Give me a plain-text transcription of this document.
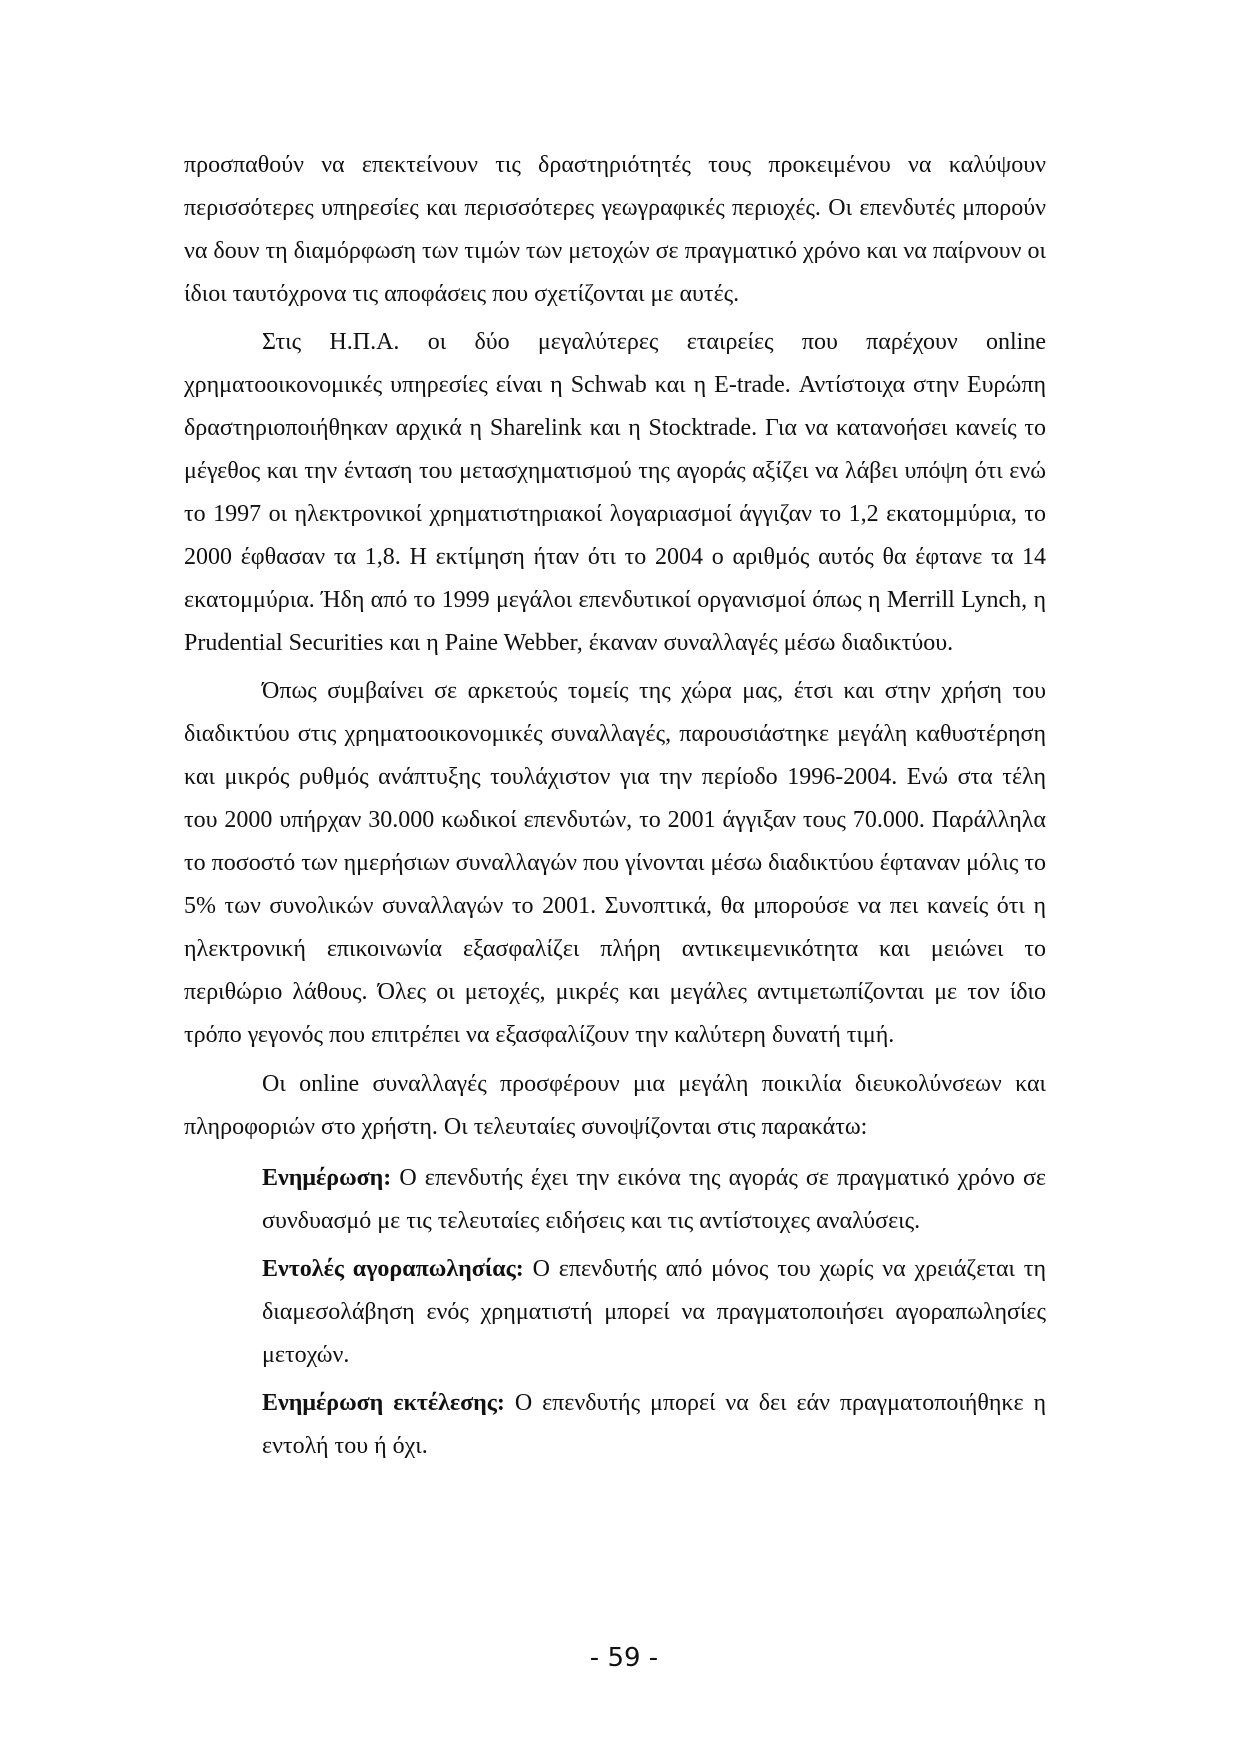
προσπαθούν να επεκτείνουν τις δραστηριότητές τους προκειμένου να καλύψουν περισσότερες υπηρεσίες και περισσότερες γεωγραφικές περιοχές. Οι επενδυτές μπορούν να δουν τη διαμόρφωση των τιμών των μετοχών σε πραγματικό χρόνο και να παίρνουν οι ίδιοι ταυτόχρονα τις αποφάσεις που σχετίζονται με αυτές.

Στις Η.Π.Α. οι δύο μεγαλύτερες εταιρείες που παρέχουν online χρηματοοικονομικές υπηρεσίες είναι η Schwab και η E-trade. Αντίστοιχα στην Ευρώπη δραστηριοποιήθηκαν αρχικά η Sharelink και η Stocktrade. Για να κατανοήσει κανείς το μέγεθος και την ένταση του μετασχηματισμού της αγοράς αξίζει να λάβει υπόψη ότι ενώ το 1997 οι ηλεκτρονικοί χρηματιστηριακοί λογαριασμοί άγγιζαν το 1,2 εκατομμύρια, το 2000 έφθασαν τα 1,8. Η εκτίμηση ήταν ότι το 2004 ο αριθμός αυτός θα έφτανε τα 14 εκατομμύρια. Ήδη από το 1999 μεγάλοι επενδυτικοί οργανισμοί όπως η Merrill Lynch, η Prudential Securities και η Paine Webber, έκαναν συναλλαγές μέσω διαδικτύου.

Όπως συμβαίνει σε αρκετούς τομείς της χώρα μας, έτσι και στην χρήση του διαδικτύου στις χρηματοοικονομικές συναλλαγές, παρουσιάστηκε μεγάλη καθυστέρηση και μικρός ρυθμός ανάπτυξης τουλάχιστον για την περίοδο 1996-2004. Ενώ στα τέλη του 2000 υπήρχαν 30.000 κωδικοί επενδυτών, το 2001 άγγιξαν τους 70.000. Παράλληλα το ποσοστό των ημερήσιων συναλλαγών που γίνονται μέσω διαδικτύου έφταναν μόλις το 5% των συνολικών συναλλαγών το 2001. Συνοπτικά, θα μπορούσε να πει κανείς ότι η ηλεκτρονική επικοινωνία εξασφαλίζει πλήρη αντικειμενικότητα και μειώνει το περιθώριο λάθους. Όλες οι μετοχές, μικρές και μεγάλες αντιμετωπίζονται με τον ίδιο τρόπο γεγονός που επιτρέπει να εξασφαλίζουν την καλύτερη δυνατή τιμή.

Οι online συναλλαγές προσφέρουν μια μεγάλη ποικιλία διευκολύνσεων και πληροφοριών στο χρήστη. Οι τελευταίες συνοψίζονται στις παρακάτω:

Ενημέρωση: Ο επενδυτής έχει την εικόνα της αγοράς σε πραγματικό χρόνο σε συνδυασμό με τις τελευταίες ειδήσεις και τις αντίστοιχες αναλύσεις.

Εντολές αγοραπωλησίας: Ο επενδυτής από μόνος του χωρίς να χρειάζεται τη διαμεσολάβηση ενός χρηματιστή μπορεί να πραγματοποιήσει αγοραπωλησίες μετοχών.

Ενημέρωση εκτέλεσης: Ο επενδυτής μπορεί να δει εάν πραγματοποιήθηκε η εντολή του ή όχι.

- 59 -
